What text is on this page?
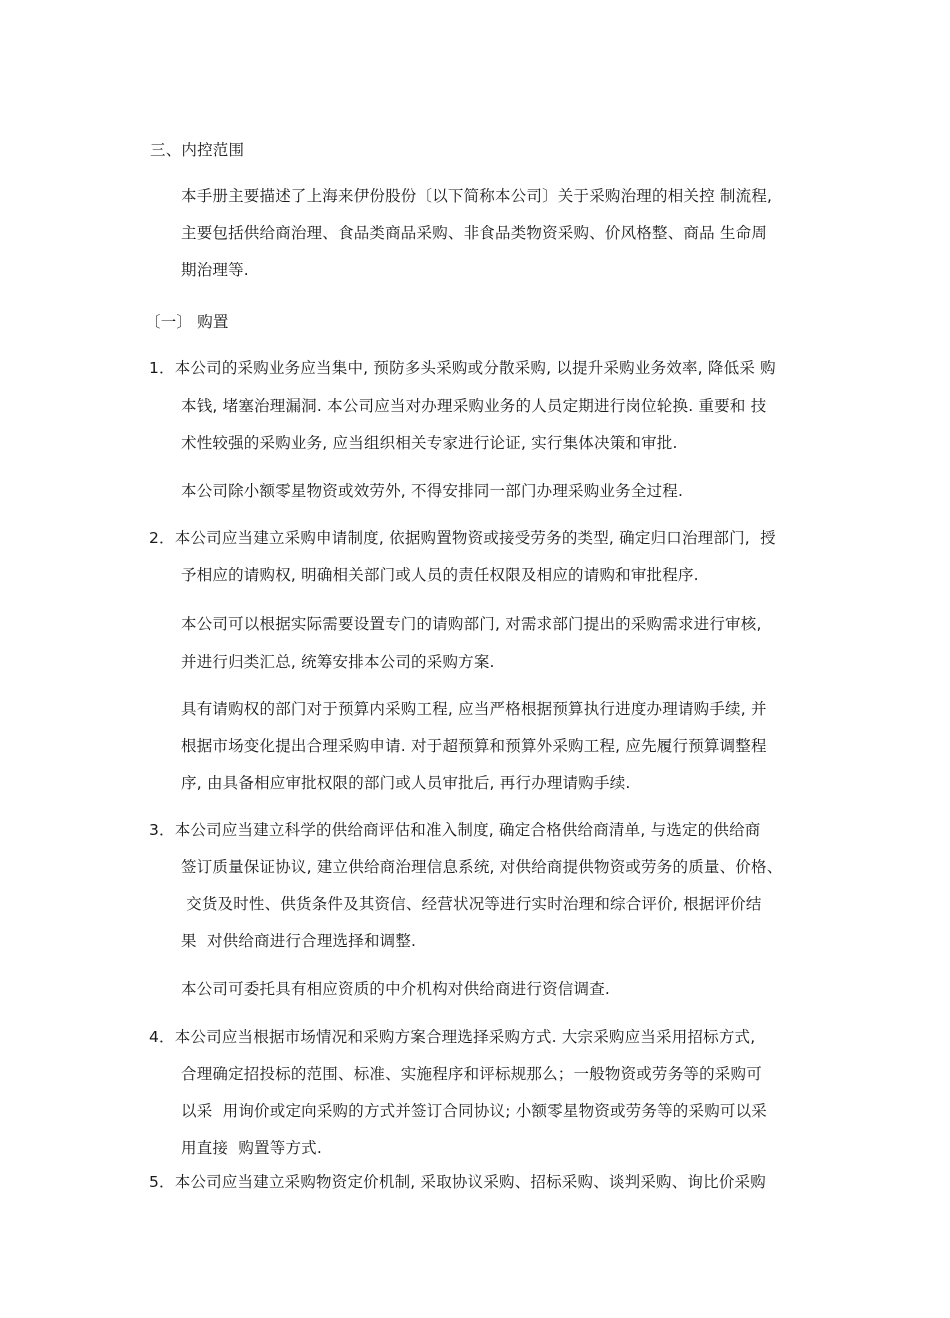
三、内控范围
本手册主要描述了上海来伊份股份〔以下简称本公司〕关于采购治理的相关控 制流程,
主要包括供给商治理、食品类商品采购、非食品类物资采购、价风格整、商品 生命周
期治理等.
〔一〕 购置
1．本公司的采购业务应当集中, 预防多头采购或分散采购, 以提升采购业务效率, 降低采 购
本钱, 堵塞治理漏洞. 本公司应当对办理采购业务的人员定期进行岗位轮换. 重要和 技
术性较强的采购业务, 应当组织相关专家进行论证, 实行集体决策和审批.
本公司除小额零星物资或效劳外, 不得安排同一部门办理采购业务全过程.
2．本公司应当建立采购申请制度, 依据购置物资或接受劳务的类型, 确定归口治理部门,  授
予相应的请购权, 明确相关部门或人员的责任权限及相应的请购和审批程序.
本公司可以根据实际需要设置专门的请购部门, 对需求部门提出的采购需求进行审核,
并进行归类汇总, 统筹安排本公司的采购方案.
具有请购权的部门对于预算内采购工程, 应当严格根据预算执行进度办理请购手续, 并
根据市场变化提出合理采购申请. 对于超预算和预算外采购工程, 应先履行预算调整程
序, 由具备相应审批权限的部门或人员审批后, 再行办理请购手续.
3．本公司应当建立科学的供给商评估和准入制度, 确定合格供给商清单, 与选定的供给商
签订质量保证协议, 建立供给商治理信息系统, 对供给商提供物资或劳务的质量、价格、
交货及时性、供货条件及其资信、经营状况等进行实时治理和综合评价, 根据评价结
果  对供给商进行合理选择和调整.
本公司可委托具有相应资质的中介机构对供给商进行资信调查.
4．本公司应当根据市场情况和采购方案合理选择采购方式. 大宗采购应当采用招标方式,
合理确定招投标的范围、标准、实施程序和评标规那么；一般物资或劳务等的采购可
以采  用询价或定向采购的方式并签订合同协议; 小额零星物资或劳务等的采购可以采
用直接  购置等方式.
5．本公司应当建立采购物资定价机制, 采取协议采购、招标采购、谈判采购、询比价采购
